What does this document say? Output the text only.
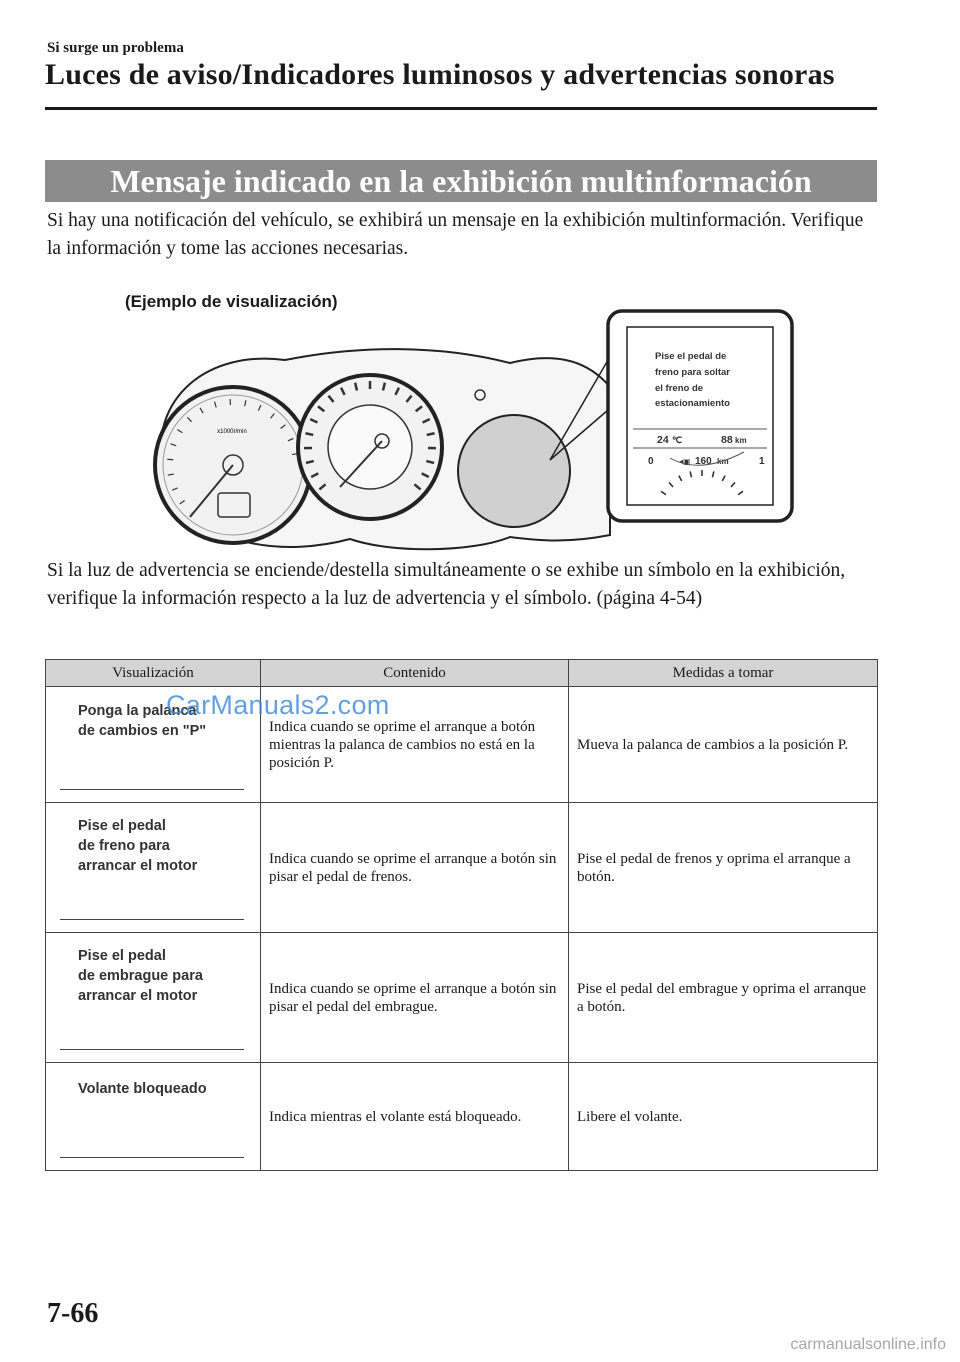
Si surge un problema
Luces de aviso/Indicadores luminosos y advertencias sonoras
Mensaje indicado en la exhibición multinformación
Si hay una notificación del vehículo, se exhibirá un mensaje en la exhibición multinformación. Verifique la información y tome las acciones necesarias.
(Ejemplo de visualización)
x1000r/min
Pise el pedal de freno para soltar el freno de estacionamiento
24 ℃	88 km
0	1
◂▣ 160 km
Si la luz de advertencia se enciende/destella simultáneamente o se exhibe un símbolo en la exhibición, verifique la información respecto a la luz de advertencia y el símbolo. (página 4-54)
Visualización	Contenido	Medidas a tomar

Ponga la palanca
de cambios en "P"	Indica cuando se oprime el arranque a botón mientras la palanca de cambios no está en la posición P.	Mueva la palanca de cambios a la posición P.

Pise el pedal
de freno para
arrancar el motor	Indica cuando se oprime el arranque a botón sin pisar el pedal de frenos.	Pise el pedal de frenos y oprima el arranque a botón.

Pise el pedal
de embrague para
arrancar el motor	Indica cuando se oprime el arranque a botón sin pisar el pedal del embrague.	Pise el pedal del embrague y oprima el arranque a botón.

Volante bloqueado	Indica mientras el volante está bloqueado.	Libere el volante.
CarManuals2.com
7-66
carmanualsonline.info
